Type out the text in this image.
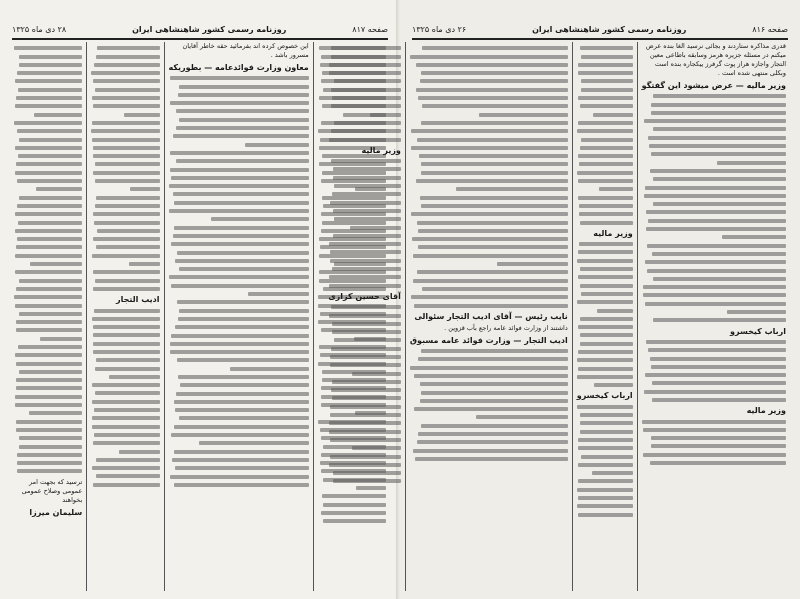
صفحه ۸۱۷
روزنامه رسمی کشور شاهنشاهی ایران
۲۸ دی ماه ۱۳۲۵
این خصوص کرده اند بفرمائید حقه خاطر آقایان مسرور باشد .
معاون وزارت فوائدعامه — بطوریکه
ادیب التجار
ترسید که بجهت امر عمومی وصلاح عمومی بخواهند
سلیمان میرزا
صفحه ۸۱۶
روزنامه رسمی کشور شاهنشاهی ایران
۲۶ دی ماه ۱۳۲۵
قدری مذاکره ستاردند و بجائی نرسید الغا بنده عرض میکنم در مسئله جزیره هرمز وسابقه باطاعی معین التجار واجازه هراز پوت گرفرز ییکجاره بنده است وبکلی منتهی شده است .
وزیر مالیه — عرض میشود این گفتگو
ارباب کیخسرو
وزیر مالیه
وزیر مالیه
ارباب کیخسرو
نایب رئیس — آقای ادیب التجار سئوالی
داشتند از وزارت فوائد عامه راجع بآب قزوین .
ادیب التجار — وزارت فوائد عامه مسبوق
وزیر مالیه
آقای حسین کزازی
